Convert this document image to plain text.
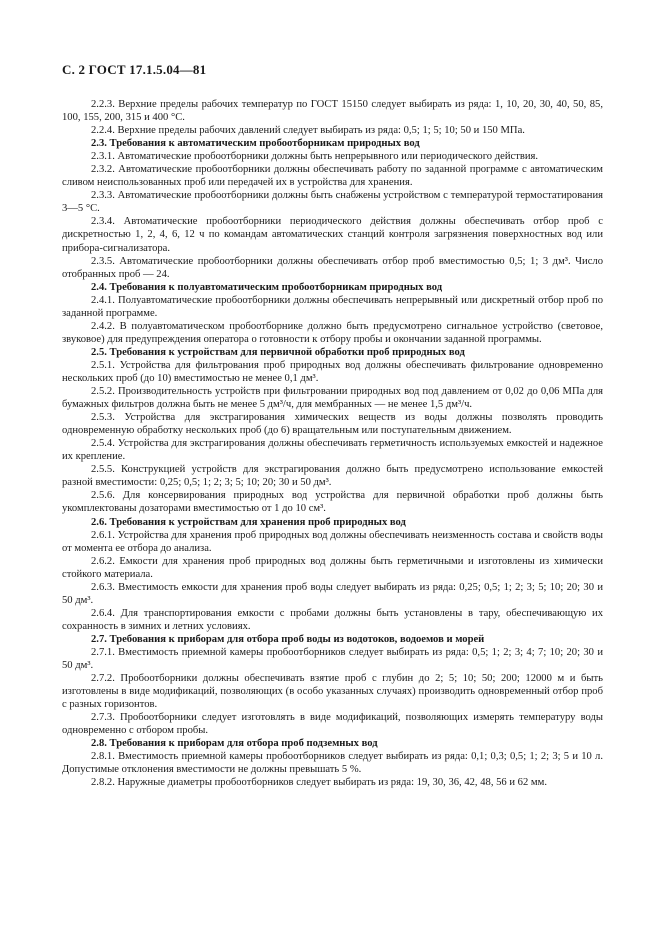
С. 2 ГОСТ 17.1.5.04—81

2.2.3. Верхние пределы рабочих температур по ГОСТ 15150 следует выбирать из ряда: 1, 10, 20, 30, 40, 50, 85, 100, 155, 200, 315 и 400 °С.

2.2.4. Верхние пределы рабочих давлений следует выбирать из ряда: 0,5; 1; 5; 10; 50 и 150 МПа.

2.3. Требования к автоматическим пробоотборникам природных вод

2.3.1. Автоматические пробоотборники должны быть непрерывного или периодического действия.

2.3.2. Автоматические пробоотборники должны обеспечивать работу по заданной программе с автоматическим сливом неиспользованных проб или передачей их в устройства для хранения.

2.3.3. Автоматические пробоотборники должны быть снабжены устройством с температурой термостатирования 3—5 °С.

2.3.4. Автоматические пробоотборники периодического действия должны обеспечивать отбор проб с дискретностью 1, 2, 4, 6, 12 ч по командам автоматических станций контроля загрязнения поверхностных вод или прибора-сигнализатора.

2.3.5. Автоматические пробоотборники должны обеспечивать отбор проб вместимостью 0,5; 1; 3 дм³. Число отобранных проб — 24.

2.4. Требования к полуавтоматическим пробоотборникам природных вод

2.4.1. Полуавтоматические пробоотборники должны обеспечивать непрерывный или дискретный отбор проб по заданной программе.

2.4.2. В полуавтоматическом пробоотборнике должно быть предусмотрено сигнальное устройство (световое, звуковое) для предупреждения оператора о готовности к отбору пробы и окончании заданной программы.

2.5. Требования к устройствам для первичной обработки проб природных вод

2.5.1. Устройства для фильтрования проб природных вод должны обеспечивать фильтрование одновременно нескольких проб (до 10) вместимостью не менее 0,1 дм³.

2.5.2. Производительность устройств при фильтровании природных вод под давлением от 0,02 до 0,06 МПа для бумажных фильтров должна быть не менее 5 дм³/ч, для мембранных — не менее 1,5 дм³/ч.

2.5.3. Устройства для экстрагирования химических веществ из воды должны позволять проводить одновременную обработку нескольких проб (до 6) вращательным или поступательным движением.

2.5.4. Устройства для экстрагирования должны обеспечивать герметичность используемых емкостей и надежное их крепление.

2.5.5. Конструкцией устройств для экстрагирования должно быть предусмотрено использование емкостей разной вместимости: 0,25; 0,5; 1; 2; 3; 5; 10; 20; 30 и 50 дм³.

2.5.6. Для консервирования природных вод устройства для первичной обработки проб должны быть укомплектованы дозаторами вместимостью от 1 до 10 см³.

2.6. Требования к устройствам для хранения проб природных вод

2.6.1. Устройства для хранения проб природных вод должны обеспечивать неизменность состава и свойств воды от момента ее отбора до анализа.

2.6.2. Емкости для хранения проб природных вод должны быть герметичными и изготовлены из химически стойкого материала.

2.6.3. Вместимость емкости для хранения проб воды следует выбирать из ряда: 0,25; 0,5; 1; 2; 3; 5; 10; 20; 30 и 50 дм³.

2.6.4. Для транспортирования емкости с пробами должны быть установлены в тару, обеспечивающую их сохранность в зимних и летних условиях.

2.7. Требования к приборам для отбора проб воды из водотоков, водоемов и морей

2.7.1. Вместимость приемной камеры пробоотборников следует выбирать из ряда: 0,5; 1; 2; 3; 4; 7; 10; 20; 30 и 50 дм³.

2.7.2. Пробоотборники должны обеспечивать взятие проб с глубин до 2; 5; 10; 50; 200; 12000 м и быть изготовлены в виде модификаций, позволяющих (в особо указанных случаях) производить одновременный отбор проб с разных горизонтов.

2.7.3. Пробоотборники следует изготовлять в виде модификаций, позволяющих измерять температуру воды одновременно с отбором пробы.

2.8. Требования к приборам для отбора проб подземных вод

2.8.1. Вместимость приемной камеры пробоотборников следует выбирать из ряда: 0,1; 0,3; 0,5; 1; 2; 3; 5 и 10 л. Допустимые отклонения вместимости не должны превышать 5 %.

2.8.2. Наружные диаметры пробоотборников следует выбирать из ряда: 19, 30, 36, 42, 48, 56 и 62 мм.
